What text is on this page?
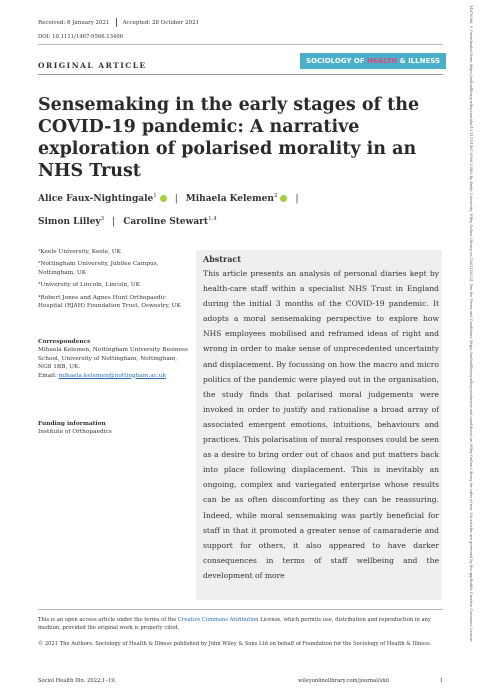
Received: 6 January 2021 Accepted: 28 October 2021
DOI: 10.1111/1467-9566.13406
ORIGINAL ARTICLE	SOCIOLOGY OF HEALTH & ILLNESS
Sensemaking in the early stages of the COVID-19 pandemic: A narrative exploration of polarised morality in an NHS Trust
Alice Faux-Nightingale$^1$ | Mihaela Kelemen$^2$ |
Simon Lilley$^3$ | Caroline Stewart$^{1,4}$

¹Keele University, Keele, UK

²Nottingham University, Jubilee Campus, Nottingham, UK

³University of Lincoln, Lincoln, UK

⁴Robert Jones and Agnes Hunt Orthopaedic Hospital (RJAH) Foundation Trust, Oswestry, UK

Correspondence
Mihaela Kelemen, Nottingham University Business School, University of Nottingham, Nottingham, NG8 1BB, UK.
Email: mihaela.kelemen@nottingham.ac.uk

Funding information
Institute of Orthopaedics

Abstract
This article presents an analysis of personal diaries kept by health-care staff within a specialist NHS Trust in England during the initial 3 months of the COVID-19 pandemic. It adopts a moral sensemaking perspective to explore how NHS employees mobilised and reframed ideas of right and wrong in order to make sense of unprecedented uncertainty and displacement. By focussing on how the macro and micro politics of the pandemic were played out in the organisation, the study finds that polarised moral judgements were invoked in order to justify and rationalise a broad array of associated emergent emotions, intuitions, behaviours and practices. This polarisation of moral responses could be seen as a desire to bring order out of chaos and put matters back into place following displacement. This is inevitably an ongoing, complex and variegated enterprise whose results can be as often discomforting as they can be reassuring. Indeed, while moral sensemaking was partly beneficial for staff in that it promoted a greater sense of camaraderie and support for others, it also appeared to have darker consequences in terms of staff wellbeing and the development of more
This is an open access article under the terms of the Creative Commons Attribution License, which permits use, distribution and reproduction in any medium, provided the original work is properly cited.
© 2021 The Authors. Sociology of Health & Illness published by John Wiley & Sons Ltd on behalf of Foundation for the Sociology of Health & Illness.
Sociol Health Illn. 2022;1–19.	wileyonlinelibrary.com/journal/shil	1
14679566, 0, Downloaded from https://onlinelibrary.wiley.com/doi/10.1111/1467-9566.13406 by Keele University, Wiley Online Library on [28/11/2022]. See the Terms and Conditions (https://onlinelibrary.wiley.com/terms-and-conditions) on Wiley Online Library for rules of use; OA articles are governed by the applicable Creative Commons License
